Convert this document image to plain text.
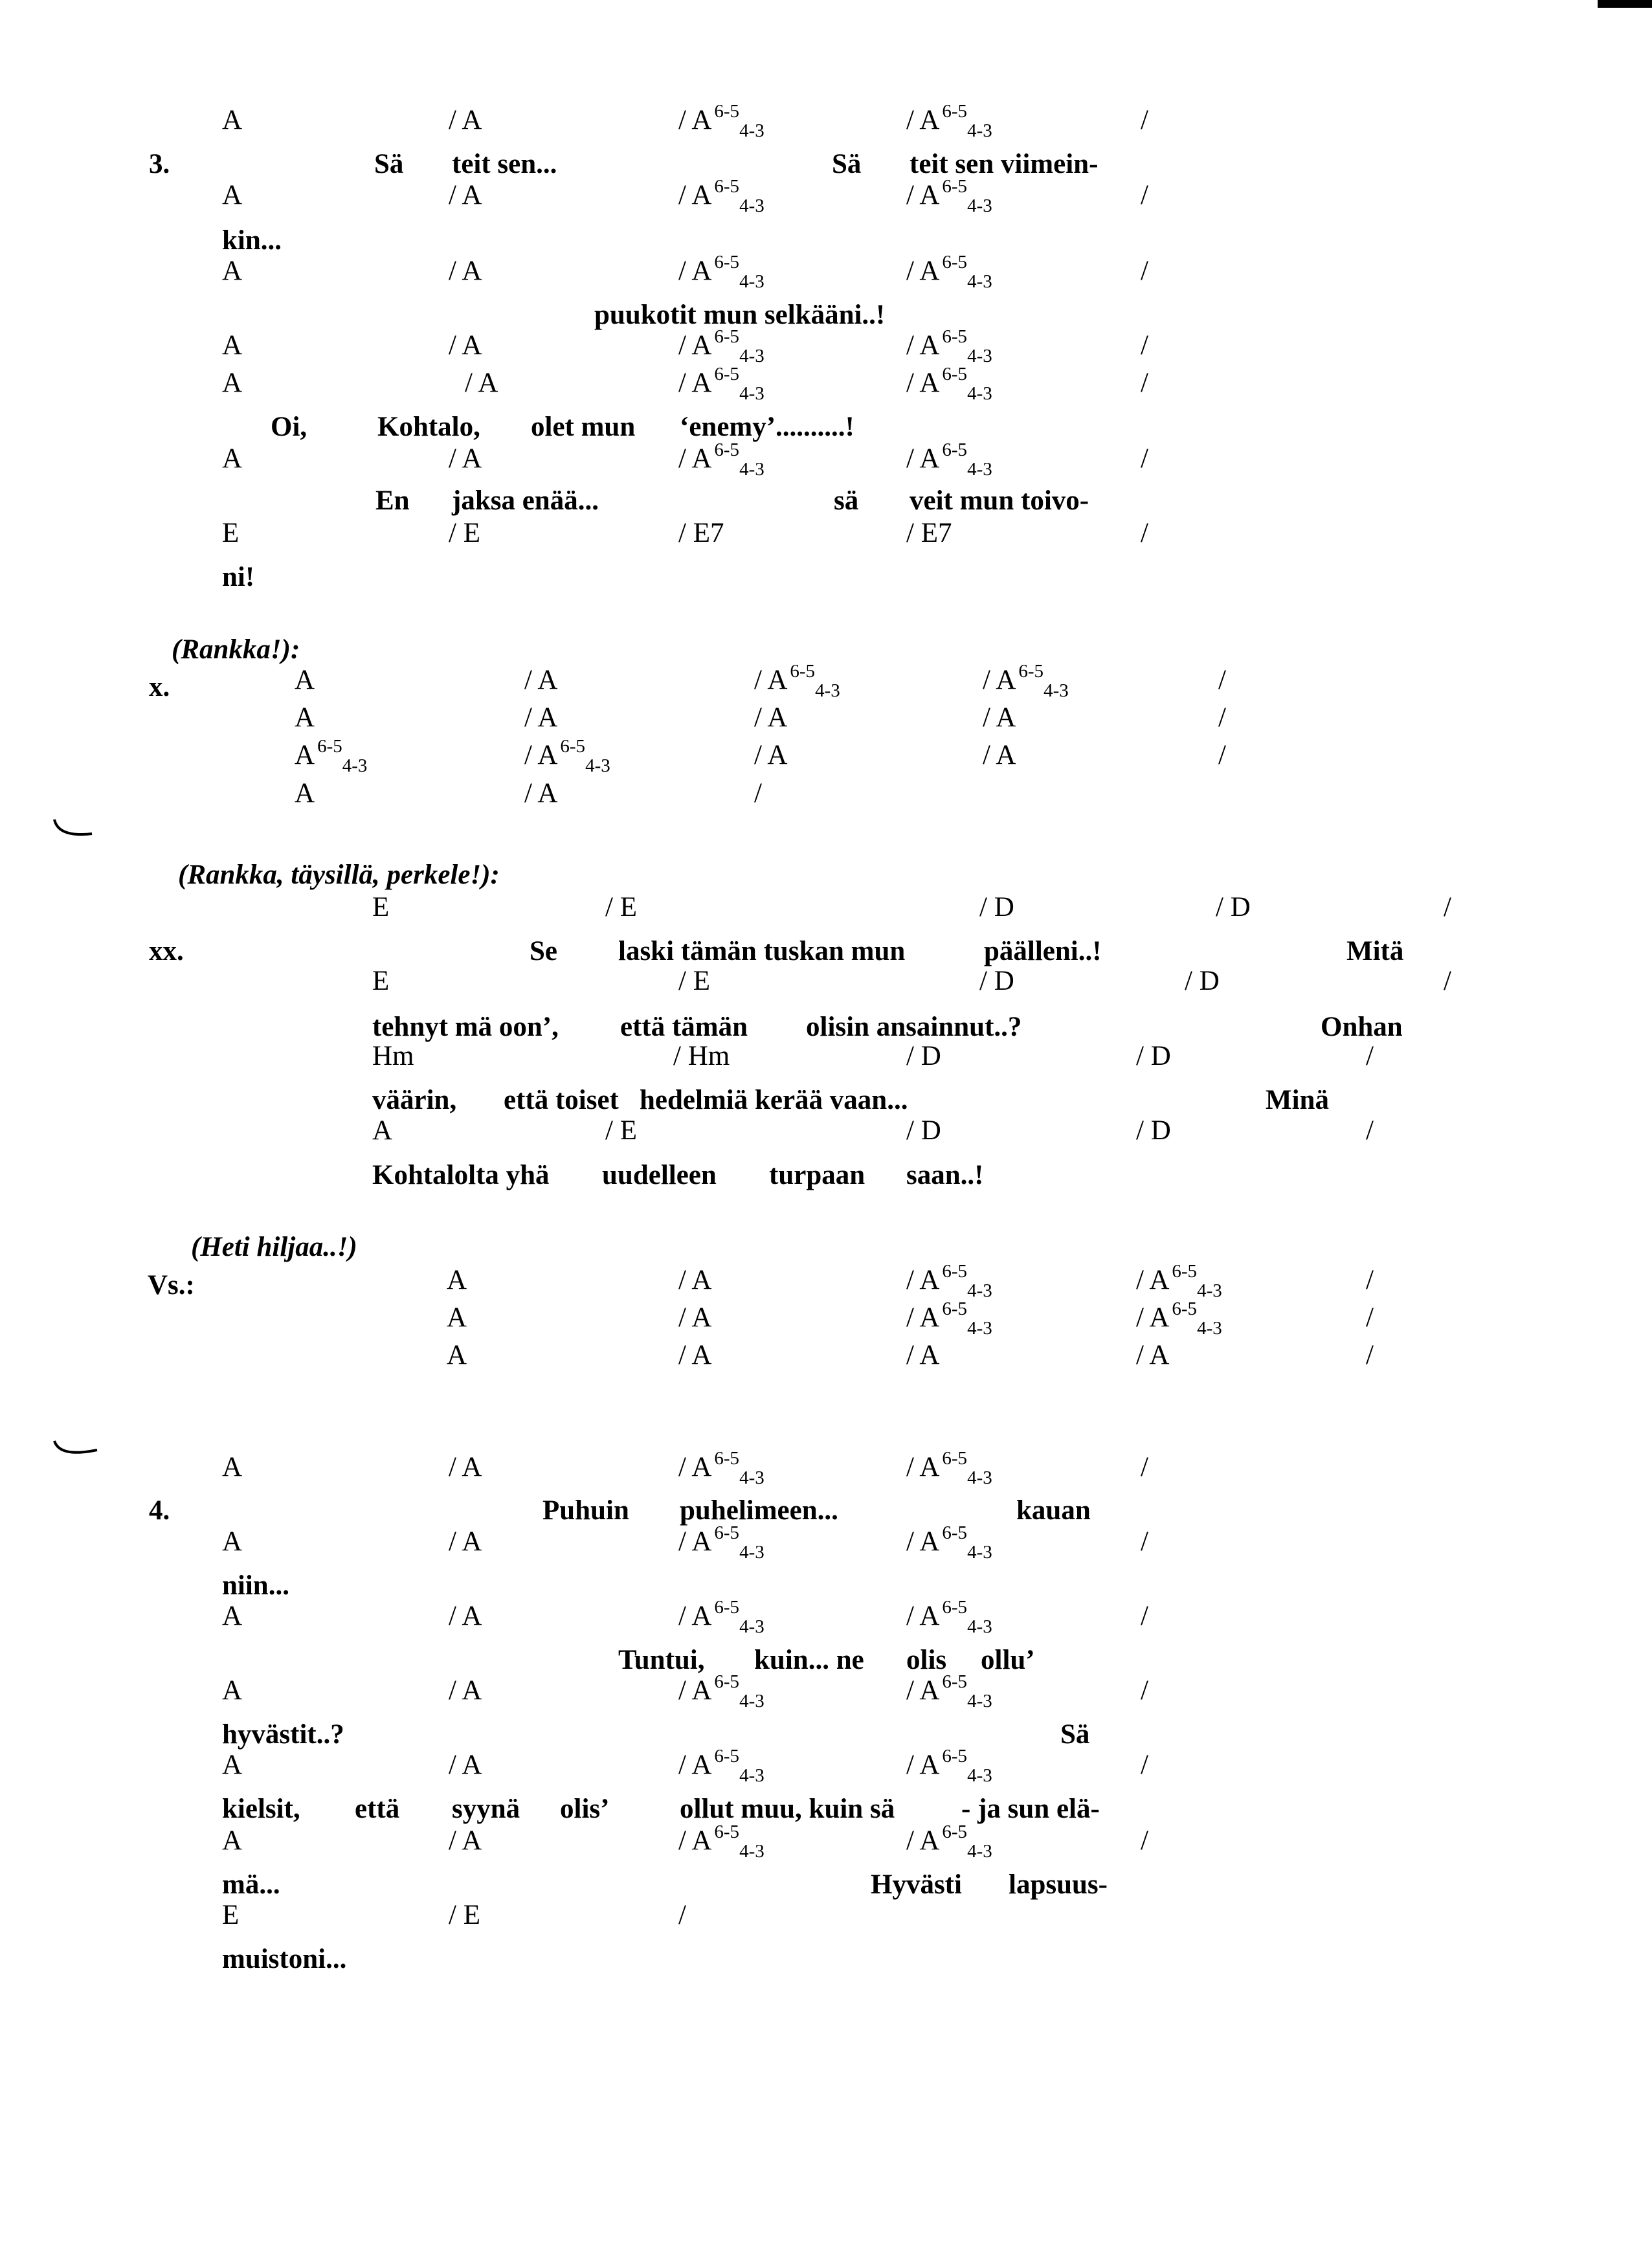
3.	Sä teit sen...	Sä teit sen viimein-
kin...
puukotit mun selkääni..!
Oi,	Kohtalo, olet mun ‘enemy’..........!
En jaksa enää...	sä veit mun toivo-
ni!
(Rankka!):
x.
(Rankka, täysillä, perkele!):
xx.	Se laski tämän tuskan mun	päälleni..!	Mitä
tehnyt mä oon’, että tämän olisin ansainnut..?	Onhan
väärin, että toiset hedelmiä kerää vaan...	Minä
Kohtalolta yhä uudelleen turpaan saan..!
(Heti hiljaa..!)
Vs.:
4.	Puhuin puhelimeen...	kauan
niin...
Tuntui, kuin... ne olis ollu’
hyvästit..?	Sä
kielsit, että syynä olis’	ollut muu, kuin sä - ja sun elä-
mä...	Hyvästi lapsuus-
muistoni...
A	/ A	/ A $^{6-5}_{4-3}$	/ A $^{6-5}_{4-3}$	/
A	/ A	/ A $^{6-5}_{4-3}$	/ A $^{6-5}_{4-3}$	/
A	/ A	/ A $^{6-5}_{4-3}$	/ A $^{6-5}_{4-3}$	/
A	/ A	/ A $^{6-5}_{4-3}$	/ A $^{6-5}_{4-3}$	/
A	/ A	/ A $^{6-5}_{4-3}$	/ A $^{6-5}_{4-3}$	/
A	/ A	/ A $^{6-5}_{4-3}$	/ A $^{6-5}_{4-3}$	/
E	/ E	/ E7	/ E7	/
A	/ A	/ A $^{6-5}_{4-3}$	/ A $^{6-5}_{4-3}$	/
A	/ A	/ A	/ A	/
A $^{6-5}_{4-3}$	/ A $^{6-5}_{4-3}$	/ A	/ A	/
A	/ A	/
E	/ E	/ D	/ D	/
E	/ E	/ D	/ D	/
Hm	/ Hm	/ D	/ D	/
A	/ E	/ D	/ D	/
A	/ A	/ A $^{6-5}_{4-3}$	/ A $^{6-5}_{4-3}$	/
A	/ A	/ A $^{6-5}_{4-3}$	/ A $^{6-5}_{4-3}$	/
A	/ A	/ A	/ A	/
A	/ A	/ A $^{6-5}_{4-3}$	/ A $^{6-5}_{4-3}$	/
A	/ A	/ A $^{6-5}_{4-3}$	/ A $^{6-5}_{4-3}$	/
A	/ A	/ A $^{6-5}_{4-3}$	/ A $^{6-5}_{4-3}$	/
A	/ A	/ A $^{6-5}_{4-3}$	/ A $^{6-5}_{4-3}$	/
A	/ A	/ A $^{6-5}_{4-3}$	/ A $^{6-5}_{4-3}$	/
A	/ A	/ A $^{6-5}_{4-3}$	/ A $^{6-5}_{4-3}$	/
E	/ E	/
